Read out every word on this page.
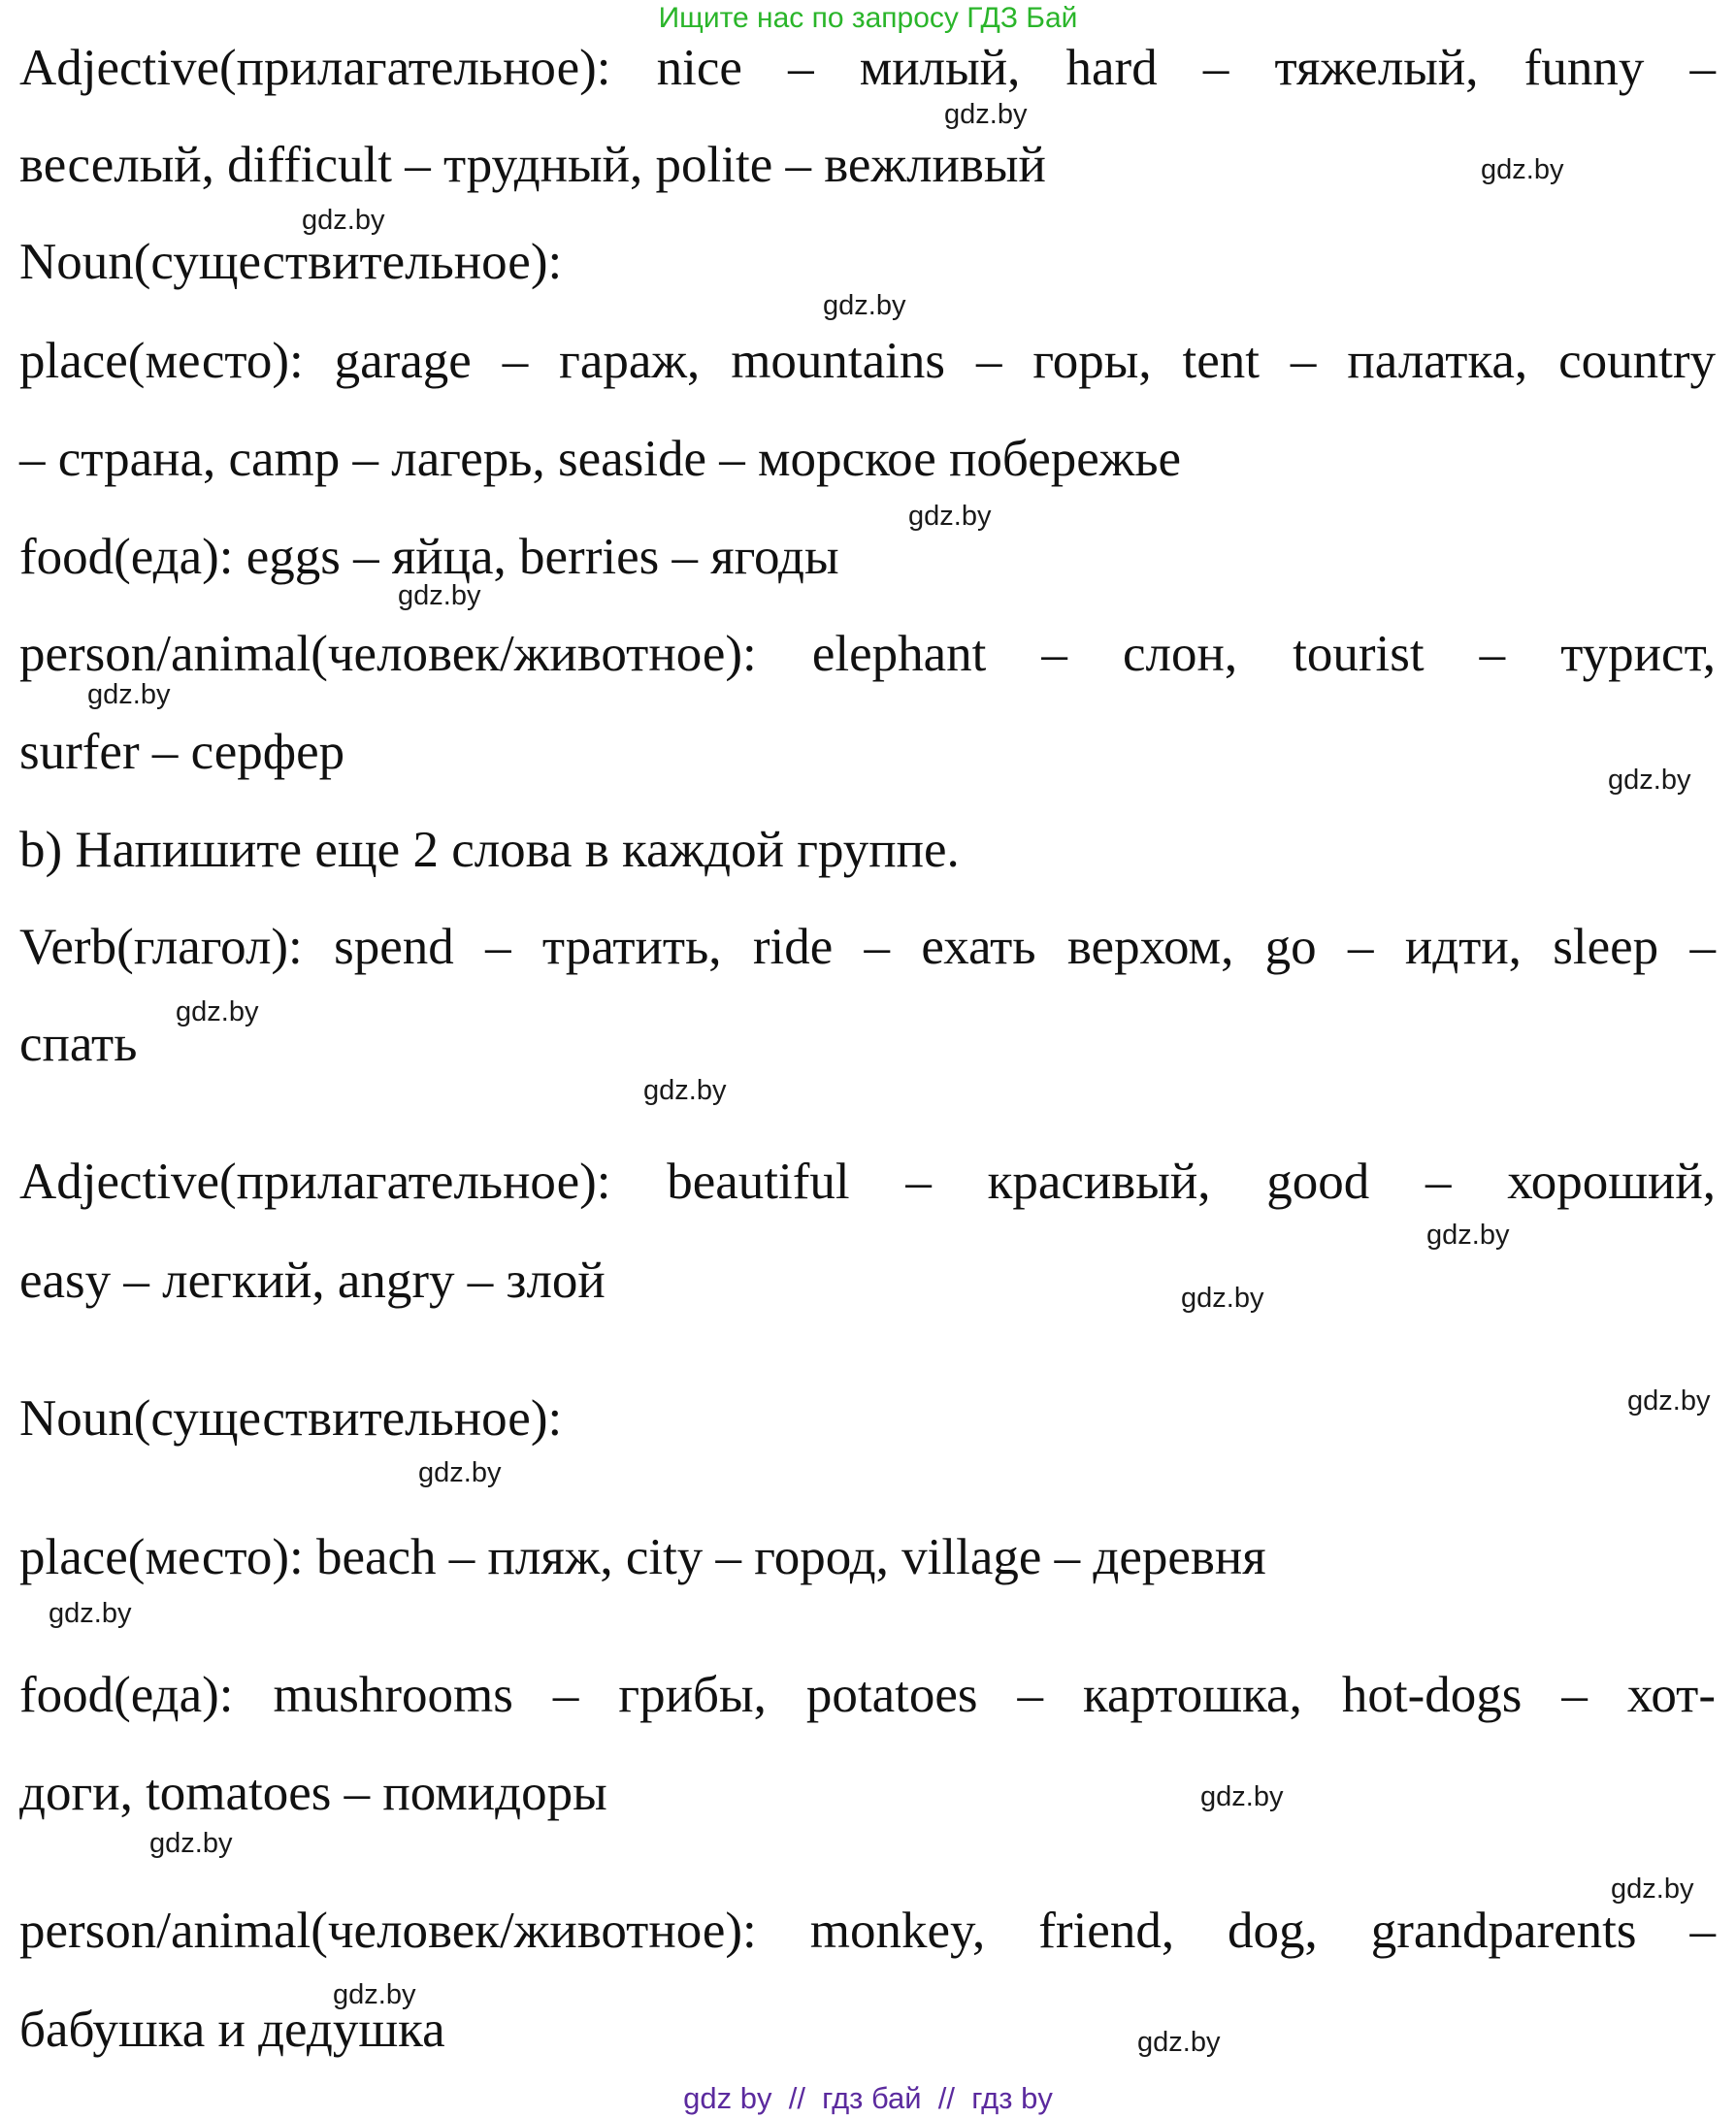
Ищите нас по запросу ГДЗ Бай
Adjective(прилагательное): nice – милый, hard – тяжелый, funny –
веселый, difficult – трудный, polite – вежливый
Noun(существительное):
place(место): garage – гараж, mountains – горы, tent – палатка, country
– страна, camp – лагерь, seaside – морское побережье
food(еда): eggs – яйца, berries – ягоды
person/animal(человек/животное): elephant – слон, tourist – турист,
surfer – серфер
b) Напишите еще 2 слова в каждой группе.
Verb(глагол): spend – тратить, ride – ехать верхом, go – идти, sleep –
спать
Adjective(прилагательное): beautiful – красивый, good – хороший,
easy – легкий, angry – злой
Noun(существительное):
place(место): beach – пляж, city – город, village – деревня
food(еда): mushrooms – грибы, potatoes – картошка, hot-dogs – хот-
доги, tomatoes – помидоры
person/animal(человек/животное): monkey, friend, dog, grandparents –
бабушка и дедушка
gdz.by
gdz.by
gdz.by
gdz.by
gdz.by
gdz.by
gdz.by
gdz.by
gdz.by
gdz.by
gdz.by
gdz.by
gdz.by
gdz.by
gdz.by
gdz.by
gdz.by
gdz.by
gdz.by
gdz.by
gdz by  //  гдз бай  //  гдз by
